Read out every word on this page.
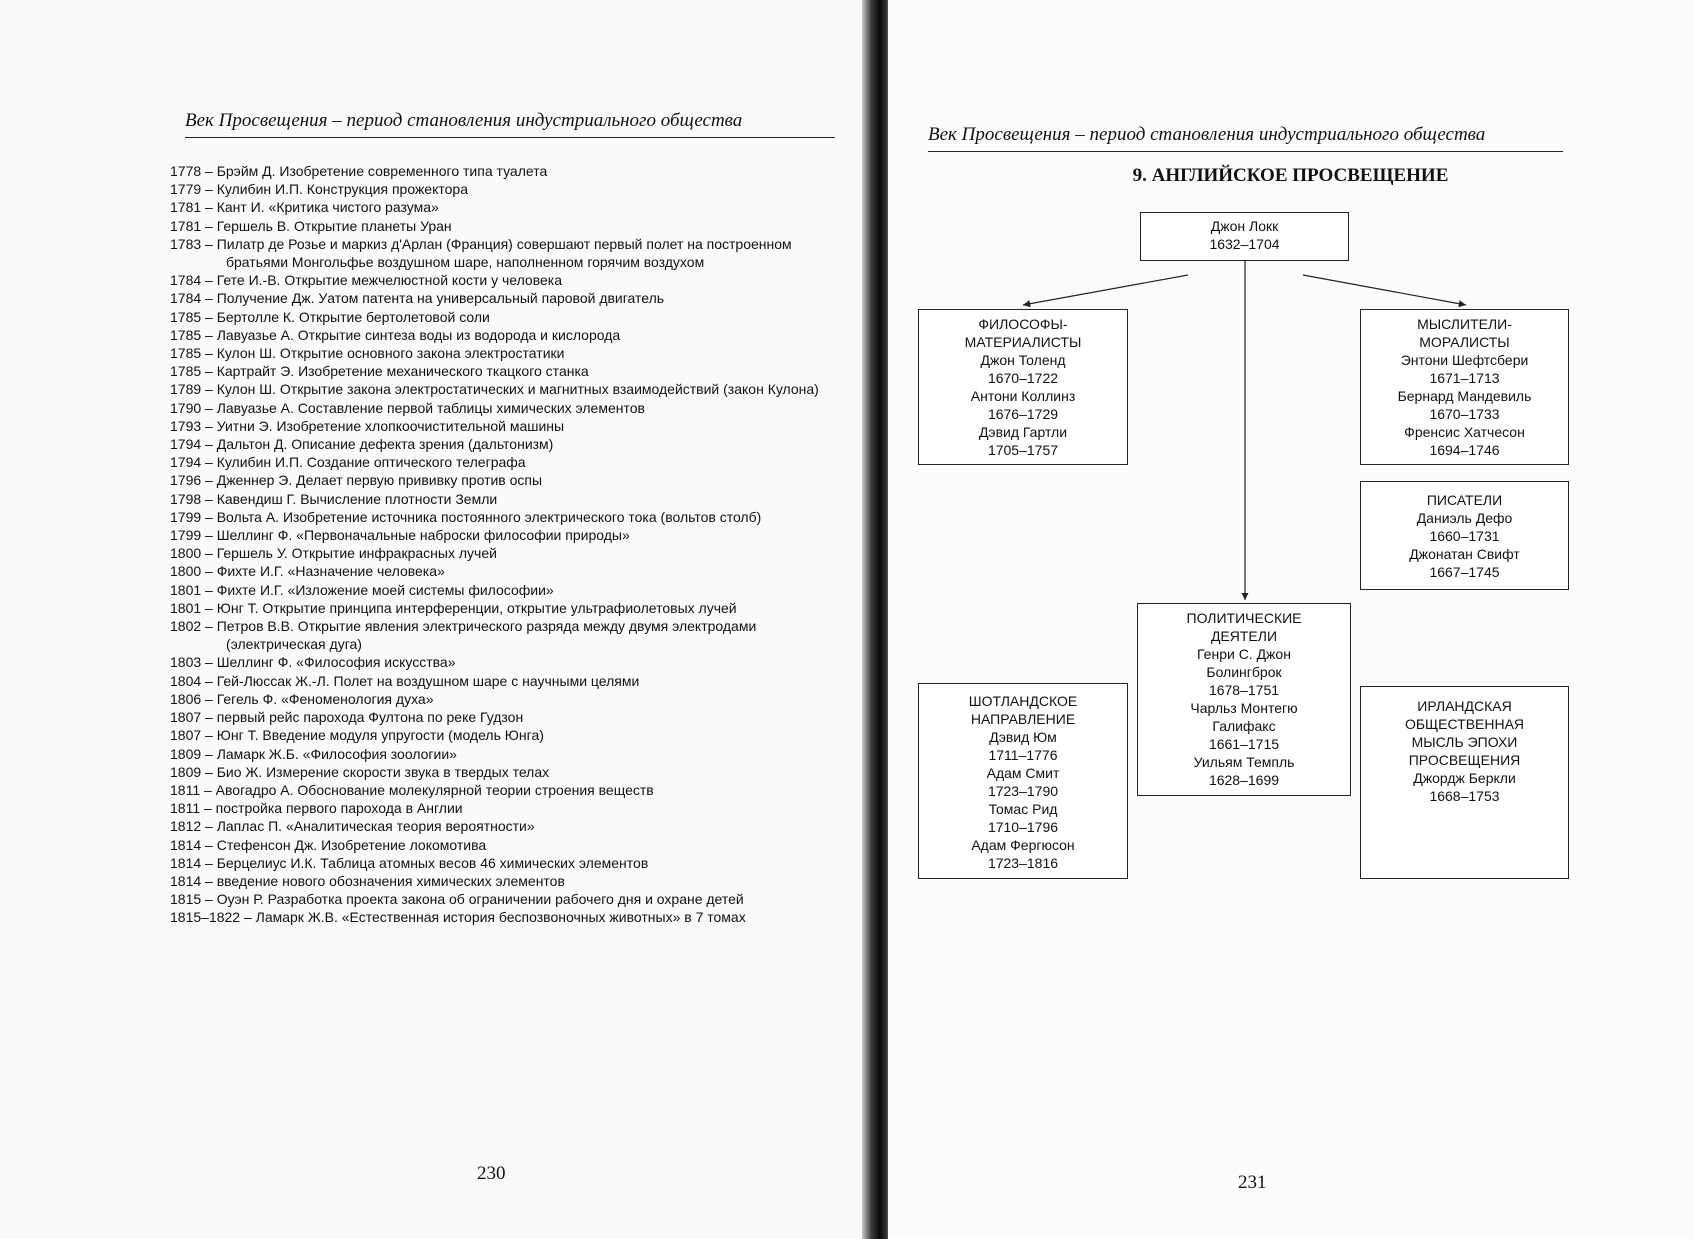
Век Просвещения – период становления индустриального общества
1778 – Брэйм Д. Изобретение современного типа туалета
1779 – Кулибин И.П. Конструкция прожектора
1781 – Кант И. «Критика чистого разума»
1781 – Гершель В. Открытие планеты Уран
1783 – Пилатр де Розье и маркиз д'Арлан (Франция) совершают первый полет на построенном братьями Монгольфье воздушном шаре, наполненном горячим воздухом
1784 – Гете И.-В. Открытие межчелюстной кости у человека
1784 – Получение Дж. Уатом патента на универсальный паровой двигатель
1785 – Бертолле К. Открытие бертолетовой соли
1785 – Лавуазье А. Открытие синтеза воды из водорода и кислорода
1785 – Кулон Ш. Открытие основного закона электростатики
1785 – Картрайт Э. Изобретение механического ткацкого станка
1789 – Кулон Ш. Открытие закона электростатических и магнитных взаимодействий (закон Кулона)
1790 – Лавуазье А. Составление первой таблицы химических элементов
1793 – Уитни Э. Изобретение хлопкоочистительной машины
1794 – Дальтон Д. Описание дефекта зрения (дальтонизм)
1794 – Кулибин И.П. Создание оптического телеграфа
1796 – Дженнер Э. Делает первую прививку против оспы
1798 – Кавендиш Г. Вычисление плотности Земли
1799 – Вольта А. Изобретение источника постоянного электрического тока (вольтов столб)
1799 – Шеллинг Ф. «Первоначальные наброски философии природы»
1800 – Гершель У. Открытие инфракрасных лучей
1800 – Фихте И.Г. «Назначение человека»
1801 – Фихте И.Г. «Изложение моей системы философии»
1801 – Юнг Т. Открытие принципа интерференции, открытие ультрафиолетовых лучей
1802 – Петров В.В. Открытие явления электрического разряда между двумя электродами (электрическая дуга)
1803 – Шеллинг Ф. «Философия искусства»
1804 – Гей-Люссак Ж.-Л. Полет на воздушном шаре с научными целями
1806 – Гегель Ф. «Феноменология духа»
1807 – первый рейс парохода Фултона по реке Гудзон
1807 – Юнг Т. Введение модуля упругости (модель Юнга)
1809 – Ламарк Ж.Б. «Философия зоологии»
1809 – Био Ж. Измерение скорости звука в твердых телах
1811 – Авогадро А. Обоснование молекулярной теории строения веществ
1811 – постройка первого парохода в Англии
1812 – Лаплас П. «Аналитическая теория вероятности»
1814 – Стефенсон Дж. Изобретение локомотива
1814 – Берцелиус И.К. Таблица атомных весов 46 химических элементов
1814 – введение нового обозначения химических элементов
1815 – Оуэн Р. Разработка проекта закона об ограничении рабочего дня и охране детей
1815–1822 – Ламарк Ж.В. «Естественная история беспозвоночных животных» в 7 томах
230
Век Просвещения – период становления индустриального общества
9. АНГЛИЙСКОЕ ПРОСВЕЩЕНИЕ
Джон Локк
1632–1704
ФИЛОСОФЫ-
МАТЕРИАЛИСТЫ
Джон Толенд
1670–1722
Антони Коллинз
1676–1729
Дэвид Гартли
1705–1757
МЫСЛИТЕЛИ-
МОРАЛИСТЫ
Энтони Шефтсбери
1671–1713
Бернард Мандевиль
1670–1733
Френсис Хатчесон
1694–1746
ПИСАТЕЛИ
Даниэль Дефо
1660–1731
Джонатан Свифт
1667–1745
ПОЛИТИЧЕСКИЕ
ДЕЯТЕЛИ
Генри С. Джон
Болингброк
1678–1751
Чарльз Монтегю
Галифакс
1661–1715
Уильям Темпль
1628–1699
ШОТЛАНДСКОЕ
НАПРАВЛЕНИЕ
Дэвид Юм
1711–1776
Адам Смит
1723–1790
Томас Рид
1710–1796
Адам Фергюсон
1723–1816
ИРЛАНДСКАЯ
ОБЩЕСТВЕННАЯ
МЫСЛЬ ЭПОХИ
ПРОСВЕЩЕНИЯ
Джордж Беркли
1668–1753
231
